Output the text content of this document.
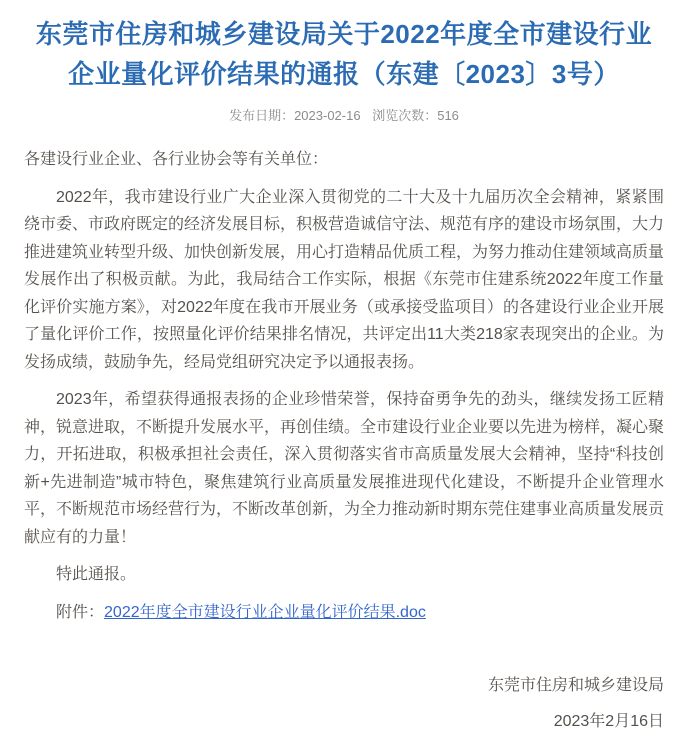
东莞市住房和城乡建设局关于2022年度全市建设行业企业量化评价结果的通报（东建〔2023〕3号）
发布日期：2023-02-16 浏览次数：516

各建设行业企业、各行业协会等有关单位：

2022年，我市建设行业广大企业深入贯彻党的二十大及十九届历次全会精神，紧紧围绕市委、市政府既定的经济发展目标，积极营造诚信守法、规范有序的建设市场氛围，大力推进建筑业转型升级、加快创新发展，用心打造精品优质工程，为努力推动住建领域高质量发展作出了积极贡献。为此，我局结合工作实际，根据《东莞市住建系统2022年度工作量化评价实施方案》，对2022年度在我市开展业务（或承接受监项目）的各建设行业企业开展了量化评价工作，按照量化评价结果排名情况，共评定出11大类218家表现突出的企业。为发扬成绩，鼓励争先，经局党组研究决定予以通报表扬。

2023年，希望获得通报表扬的企业珍惜荣誉，保持奋勇争先的劲头，继续发扬工匠精神，锐意进取，不断提升发展水平，再创佳绩。全市建设行业企业要以先进为榜样，凝心聚力，开拓进取，积极承担社会责任，深入贯彻落实省市高质量发展大会精神，坚持“科技创新+先进制造”城市特色，聚焦建筑行业高质量发展推进现代化建设，不断提升企业管理水平，不断规范市场经营行为，不断改革创新，为全力推动新时期东莞住建事业高质量发展贡献应有的力量！

特此通报。

附件：2022年度全市建设行业企业量化评价结果.doc

东莞市住房和城乡建设局
2023年2月16日
